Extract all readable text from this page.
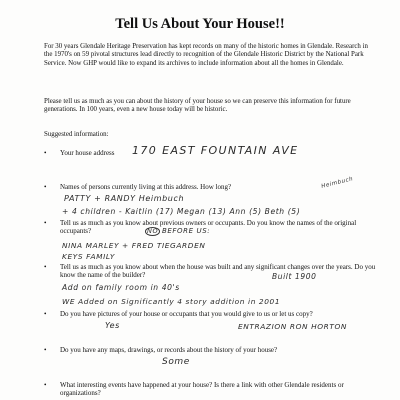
Tell Us About Your House!!
For 30 years Glendale Heritage Preservation has kept records on many of the historic homes in Glendale. Research in the 1970's on 59 pivotal structures lead directly to recognition of the Glendale Historic District by the National Park Service. Now GHP would like to expand its archives to include information about all the homes in Glendale.
Please tell us as much as you can about the history of your house so we can preserve this information for future generations. In 100 years, even a new house today will be historic.
Suggested information:
• Your house address	170 EAST FOUNTAIN AVE
• Names of persons currently living at this address. How long?	Heimbuch
PATTY + RANDY Heimbuch
+ 4 children - Kaitlin (17) Megan (13) Ann (5) Beth (5)
• Tell us as much as you know about previous owners or occupants. Do you know the names of the original occupants?	NO BEFORE US:
NINA MARLEY + FRED TIEGARDEN
KEYS FAMILY
• Tell us as much as you know about when the house was built and any significant changes over the years. Do you know the name of the builder?	Built 1900
Add on family room in 40's
WE Added on Significantly 4 story addition in 2001
• Do you have pictures of your house or occupants that you would give to us or let us copy?
Yes	ENTRAZION RON HORTON
• Do you have any maps, drawings, or records about the history of your house?
Some
• What interesting events have happened at your house? Is there a link with other Glendale residents or organizations?
